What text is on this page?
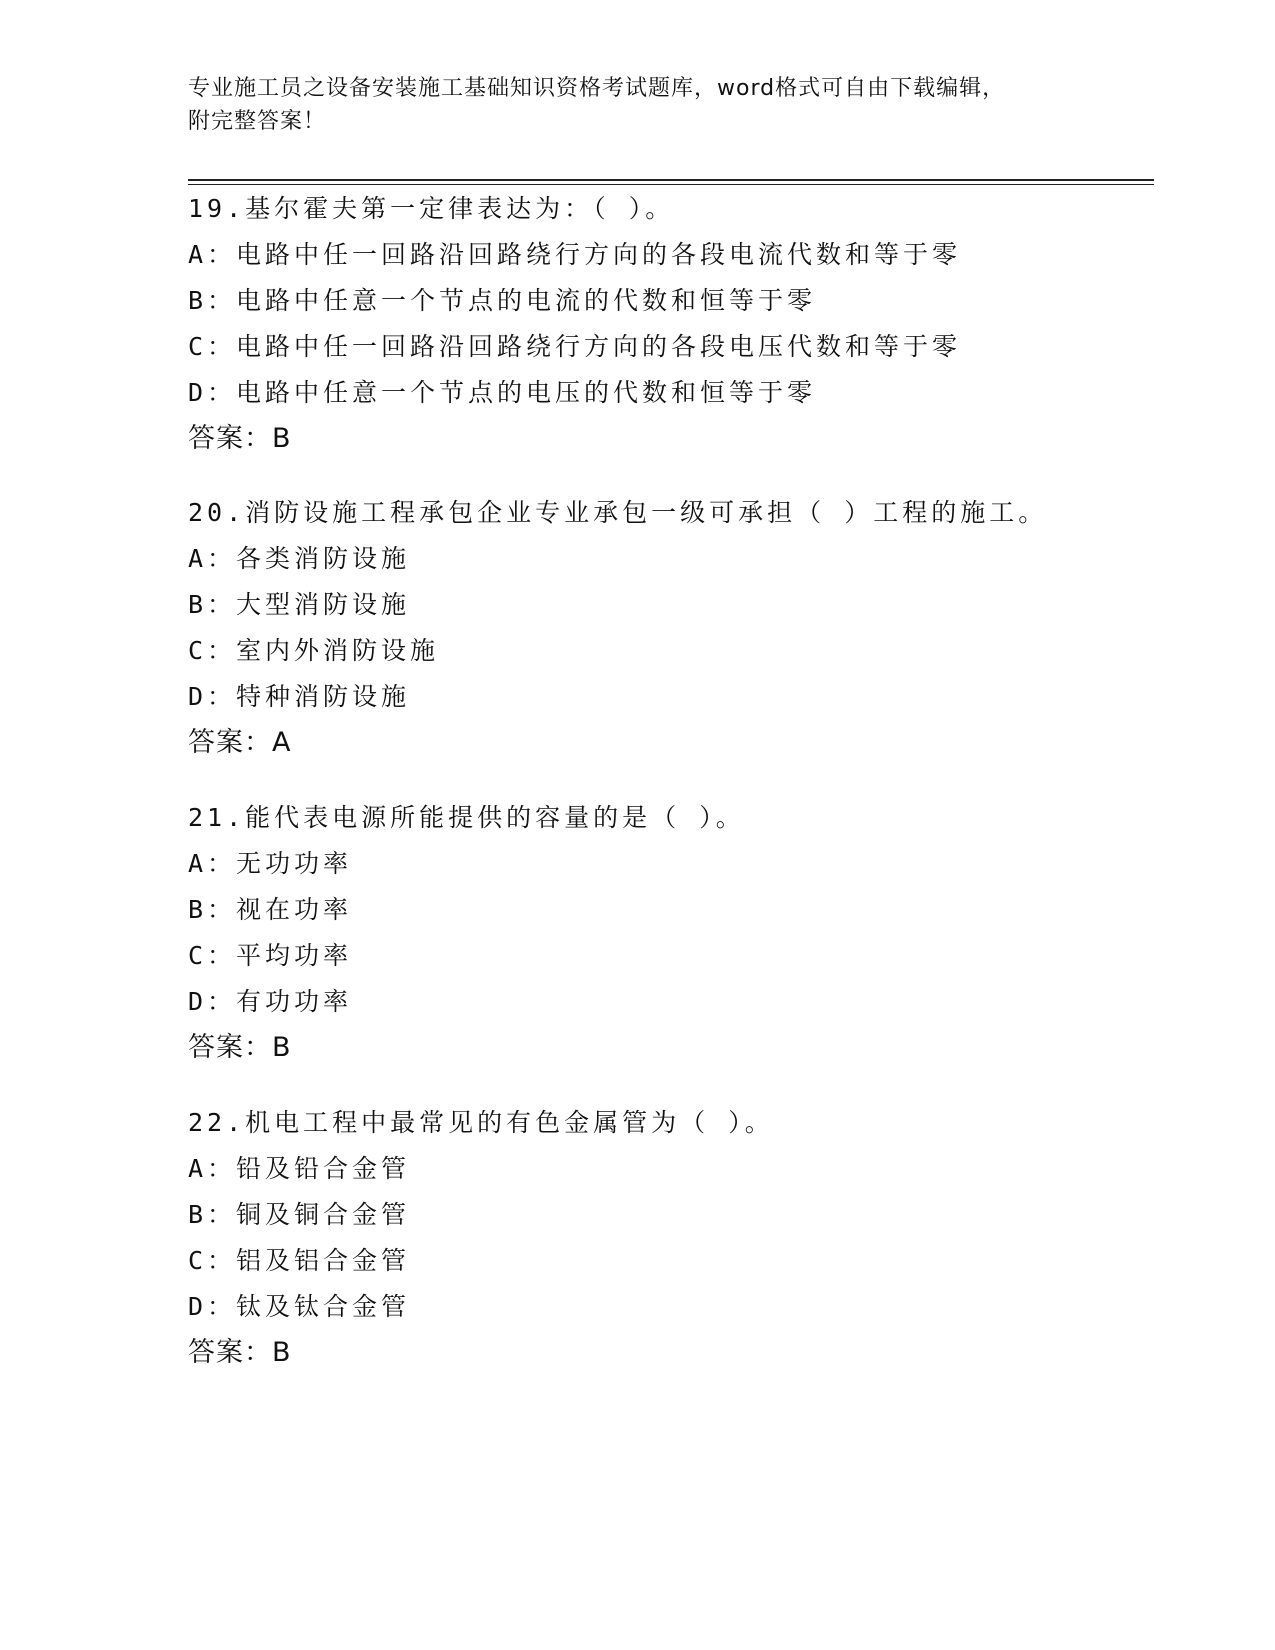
专业施工员之设备安装施工基础知识资格考试题库，word格式可自由下载编辑，
附完整答案！
19.基尔霍夫第一定律表达为：（ ）。
A：电路中任一回路沿回路绕行方向的各段电流代数和等于零
B：电路中任意一个节点的电流的代数和恒等于零
C：电路中任一回路沿回路绕行方向的各段电压代数和等于零
D：电路中任意一个节点的电压的代数和恒等于零
答案：B
20.消防设施工程承包企业专业承包一级可承担（ ）工程的施工。
A：各类消防设施
B：大型消防设施
C：室内外消防设施
D：特种消防设施
答案：A
21.能代表电源所能提供的容量的是（ ）。
A：无功功率
B：视在功率
C：平均功率
D：有功功率
答案：B
22.机电工程中最常见的有色金属管为（ ）。
A：铅及铅合金管
B：铜及铜合金管
C：铝及铝合金管
D：钛及钛合金管
答案：B
